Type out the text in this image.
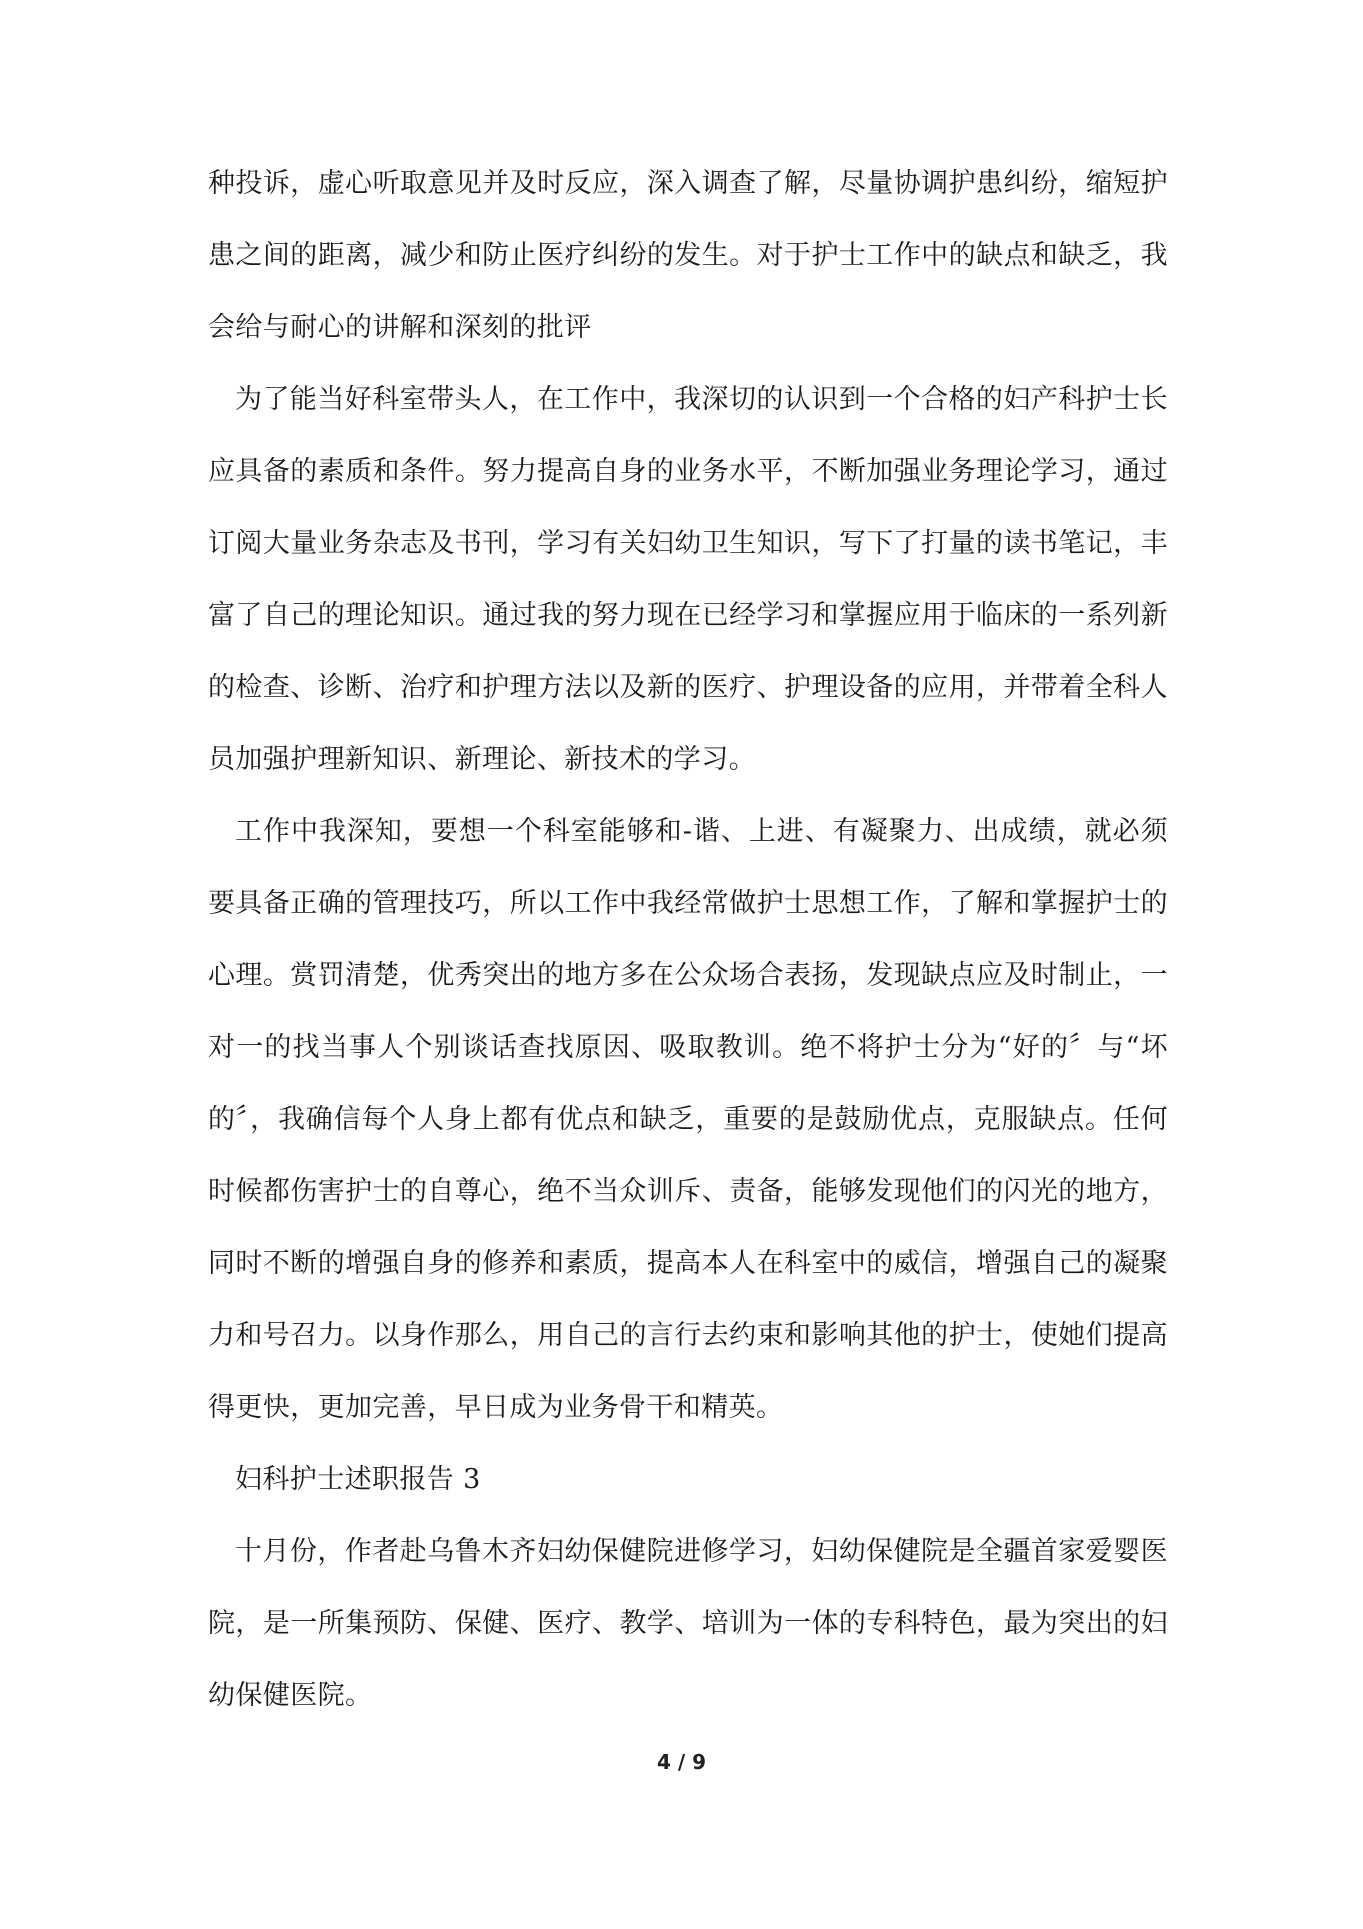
种投诉，虚心听取意见并及时反应，深入调查了解，尽量协调护患纠纷，缩短护患之间的距离，减少和防止医疗纠纷的发生。对于护士工作中的缺点和缺乏，我会给与耐心的讲解和深刻的批评

为了能当好科室带头人，在工作中，我深切的认识到一个合格的妇产科护士长应具备的素质和条件。努力提高自身的业务水平，不断加强业务理论学习，通过订阅大量业务杂志及书刊，学习有关妇幼卫生知识，写下了打量的读书笔记，丰富了自己的理论知识。通过我的努力现在已经学习和掌握应用于临床的一系列新的检查、诊断、治疗和护理方法以及新的医疗、护理设备的应用，并带着全科人员加强护理新知识、新理论、新技术的学习。

工作中我深知，要想一个科室能够和-谐、上进、有凝聚力、出成绩，就必须要具备正确的管理技巧，所以工作中我经常做护士思想工作，了解和掌握护士的心理。赏罚清楚，优秀突出的地方多在公众场合表扬，发现缺点应及时制止，一对一的找当事人个别谈话查找原因、吸取教训。绝不将护士分为“好的〞与“坏的〞，我确信每个人身上都有优点和缺乏，重要的是鼓励优点，克服缺点。任何时候都伤害护士的自尊心，绝不当众训斥、责备，能够发现他们的闪光的地方，同时不断的增强自身的修养和素质，提高本人在科室中的威信，增强自己的凝聚力和号召力。以身作那么，用自己的言行去约束和影响其他的护士，使她们提高得更快，更加完善，早日成为业务骨干和精英。

妇科护士述职报告 3

十月份，作者赴乌鲁木齐妇幼保健院进修学习，妇幼保健院是全疆首家爱婴医院，是一所集预防、保健、医疗、教学、培训为一体的专科特色，最为突出的妇幼保健医院。

4 / 9
